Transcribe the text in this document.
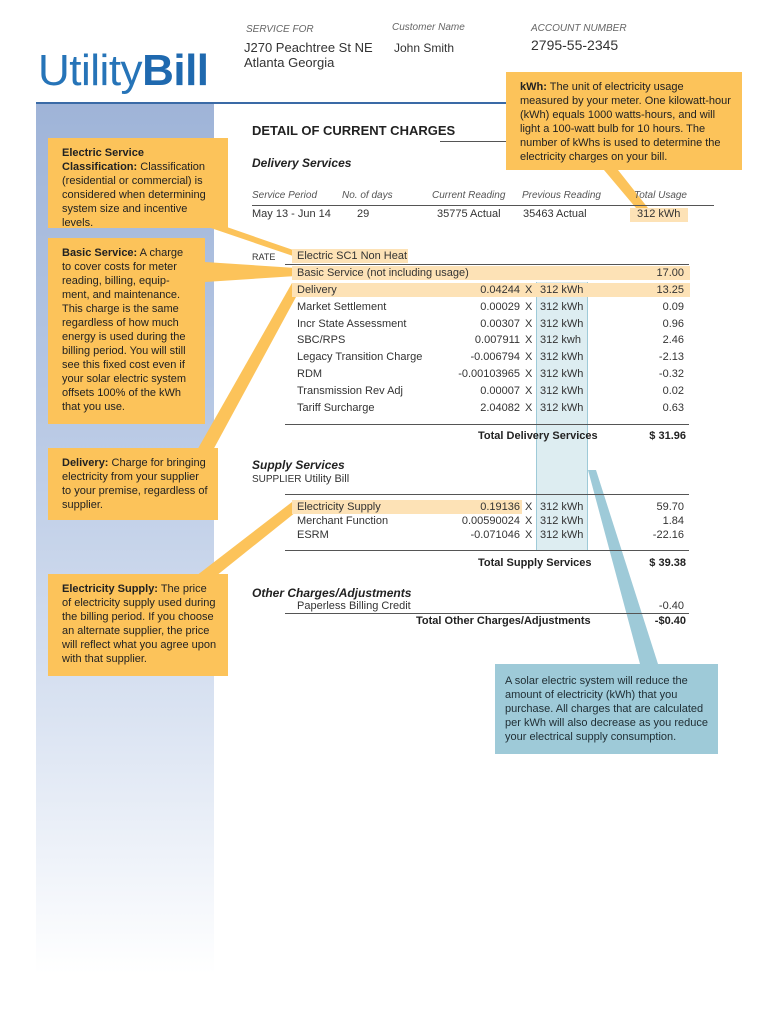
UtilityBill
SERVICE FOR
J270 Peachtree St NE
Atlanta Georgia
Customer Name
John Smith
ACCOUNT NUMBER
2795-55-2345
kWh: The unit of electricity usage measured by your meter. One kilowatt-hour (kWh) equals 1000 watts-hours, and will light a 100-watt bulb for 10 hours. The number of kWhs is used to determine the electricity charges on your bill.
Electric Service Classification: Classification (residential or commercial) is considered when determining system size and incentive levels.
Basic Service: A charge to cover costs for meter reading, billing, equip-ment, and maintenance. This charge is the same regardless of how much energy is used during the billing period. You will still see this fixed cost even if your solar electric system offsets 100% of the kWh that you use.
Delivery: Charge for bringing electricity from your supplier to your premise, regardless of supplier.
Electricity Supply: The price of electricity supply used during the billing period. If you choose an alternate supplier, the price will reflect what you agree upon with that supplier.
A solar electric system will reduce the amount of electricity (kWh) that you purchase. All charges that are calculated per kWh will also decrease as you reduce your electrical supply consumption.
DETAIL OF CURRENT CHARGES
Delivery Services
Service Period No. of days	Current Reading Previous Reading	Total Usage
May 13 - Jun 14 29	35775 Actual 35463 Actual	312 kWh
RATE Electric SC1 Non Heat
Basic Service (not including usage)	17.00
Delivery	0.04244 X 312 kWh	13.25
Market Settlement	0.00029 X 312 kWh	0.09
Incr State Assessment	0.00307 X 312 kWh	0.96
SBC/RPS	0.007911 X 312 kwh	2.46
Legacy Transition Charge	-0.006794 X 312 kWh	-2.13
RDM	-0.00103965 X 312 kWh	-0.32
Transmission Rev Adj	0.00007 X 312 kWh	0.02
Tariff Surcharge	2.04082 X 312 kWh	0.63
Total Delivery Services	$ 31.96
Supply Services
SUPPLIER Utility Bill
Electricity Supply	0.19136 X 312 kWh	59.70
Merchant Function	0.00590024 X 312 kWh	1.84
ESRM	-0.071046 X 312 kWh	-22.16
Total Supply Services	$ 39.38
Other Charges/Adjustments
Paperless Billing Credit	-0.40
Total Other Charges/Adjustments	-$0.40
